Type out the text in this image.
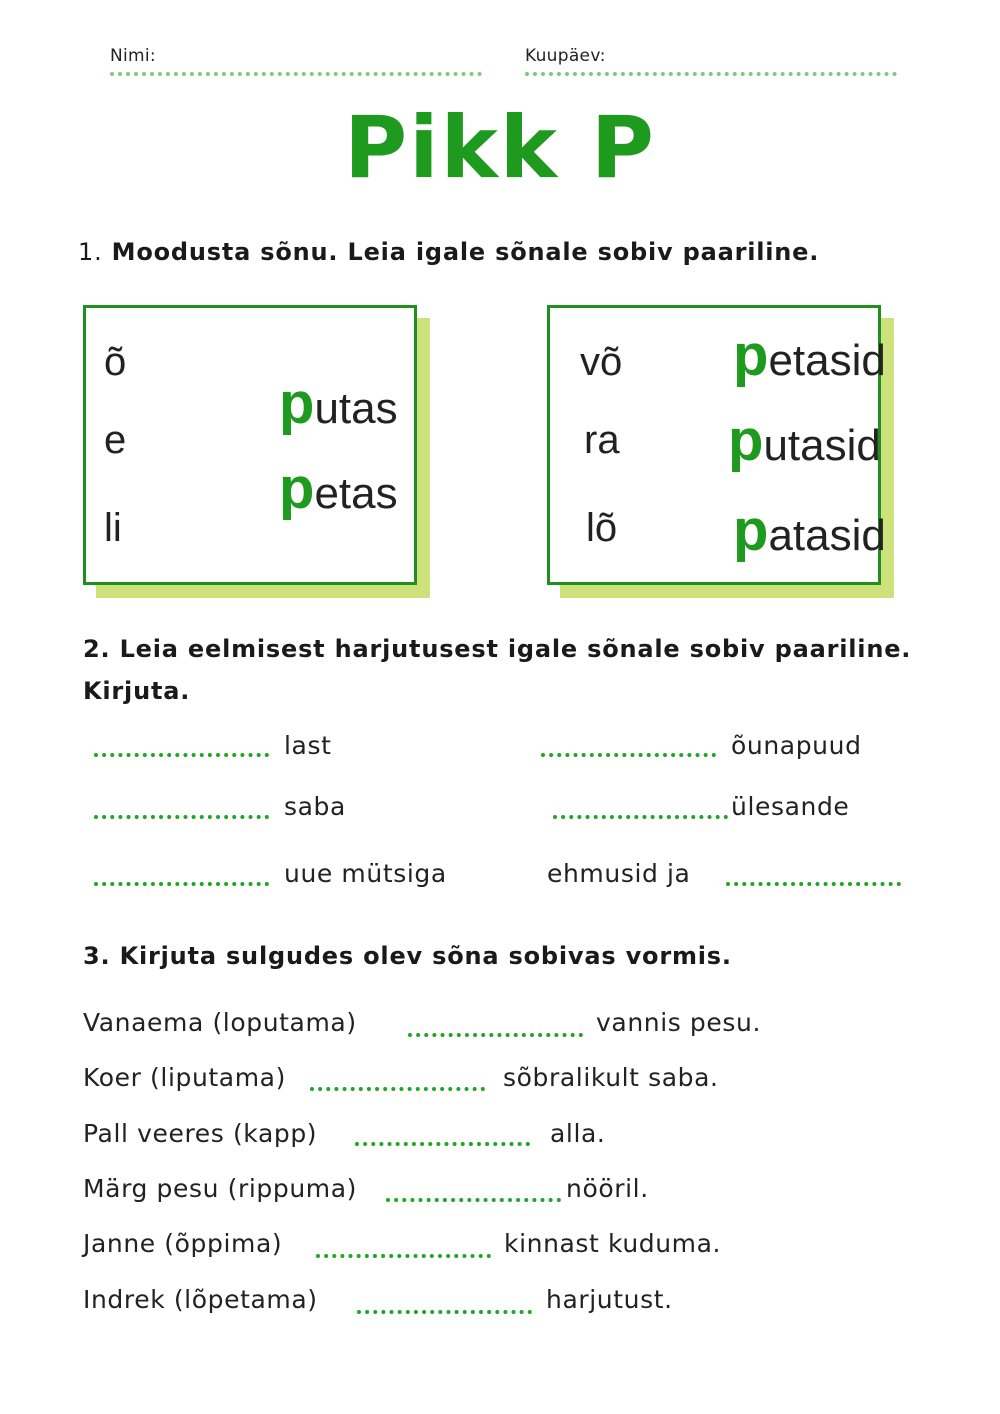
Nimi:	Kuupäev:
Pikk P
1. Moodusta sõnu. Leia igale sõnale sobiv paariline.
õ
e
li
putas
petas
võ
ra
lõ
petasid
putasid
patasid
2. Leia eelmisest harjutusest igale sõnale sobiv paariline.
Kirjuta.
last	õunapuud
saba	ülesande
uue mütsiga	ehmusid ja
3. Kirjuta sulgudes olev sõna sobivas vormis.
Vanaema (loputama)	vannis pesu.
Koer (liputama)	sõbralikult saba.
Pall veeres (kapp)	alla.
Märg pesu (rippuma)	nööril.
Janne (õppima)	kinnast kuduma.
Indrek (lõpetama)	harjutust.
